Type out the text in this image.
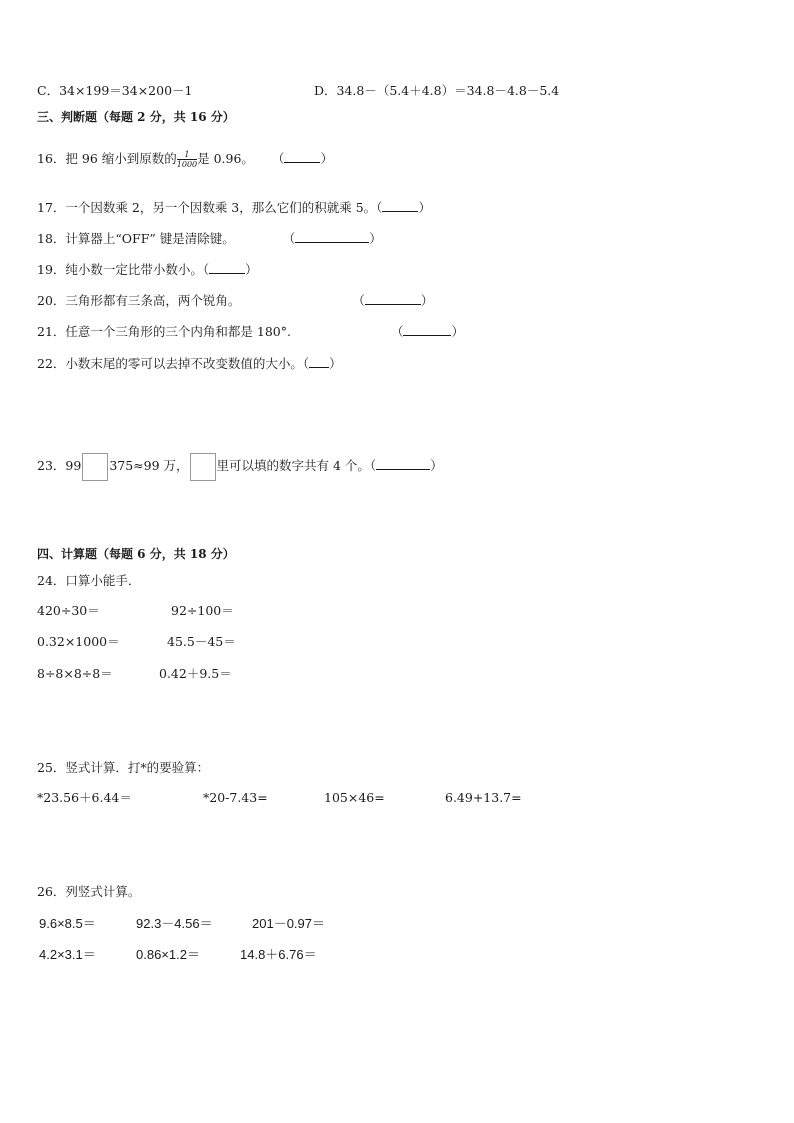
C．34×199＝34×200－1	D．34.8－（5.4＋4.8）＝34.8－4.8－5.4
三、判断题（每题 2 分，共 16 分）
16．把 96 缩小到原数的 $\frac{1}{1000}$ 是 0.96。 （	）
17．一个因数乘 2，另一个因数乘 3，那么它们的积就乘 5。（	）
18．计算器上“OFF” 键是清除键。	（	）
19．纯小数一定比带小数小。（	）
20．三角形都有三条高，两个锐角。	（	）
21．任意一个三角形的三个内角和都是 180°.	（	）
22．小数末尾的零可以去掉不改变数值的大小。（ ）
23．99 375≈99 万， 里可以填的数字共有 4 个。（	）
四、计算题（每题 6 分，共 18 分）
24．口算小能手．
420÷30＝	92÷100＝
0.32×1000＝	45.5－45＝
8÷8×8÷8＝	0.42＋9.5＝
25．竖式计算．打*的要验算：
*23.56＋6.44＝	*20-7.43=	105×46=	6.49+13.7=
26．列竖式计算。
9.6×8.5＝	92.3－4.56＝	201－0.97＝
4.2×3.1＝	0.86×1.2＝	14.8＋6.76＝
